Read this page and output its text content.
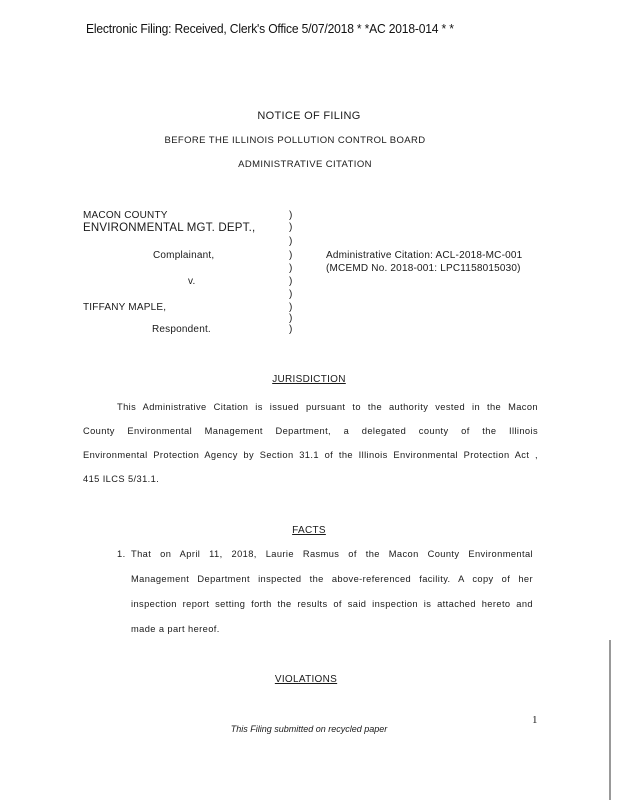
Electronic Filing: Received, Clerk's Office 5/07/2018 * *AC 2018-014 * *
NOTICE OF FILING
BEFORE THE ILLINOIS POLLUTION CONTROL BOARD
ADMINISTRATIVE CITATION
MACON COUNTY
ENVIRONMENTAL MGT. DEPT.,
Complainant,
v.
TIFFANY MAPLE,
Respondent.
)
)
)
)
)
)
)
)
)
)
Administrative Citation: ACL-2018-MC-001
(MCEMD No. 2018-001: LPC1158015030)
JURISDICTION
This Administrative Citation is issued pursuant to the authority vested in the Macon
County Environmental Management Department, a delegated county of the Illinois
Environmental Protection Agency by Section 31.1 of the Illinois Environmental Protection Act ,
415 ILCS 5/31.1.
FACTS
1. That on April 11, 2018, Laurie Rasmus of the Macon County Environmental
Management Department inspected the above-referenced facility. A copy of her
inspection report setting forth the results of said inspection is attached hereto and
made a part hereof.
VIOLATIONS
This Filing submitted on recycled paper
1
